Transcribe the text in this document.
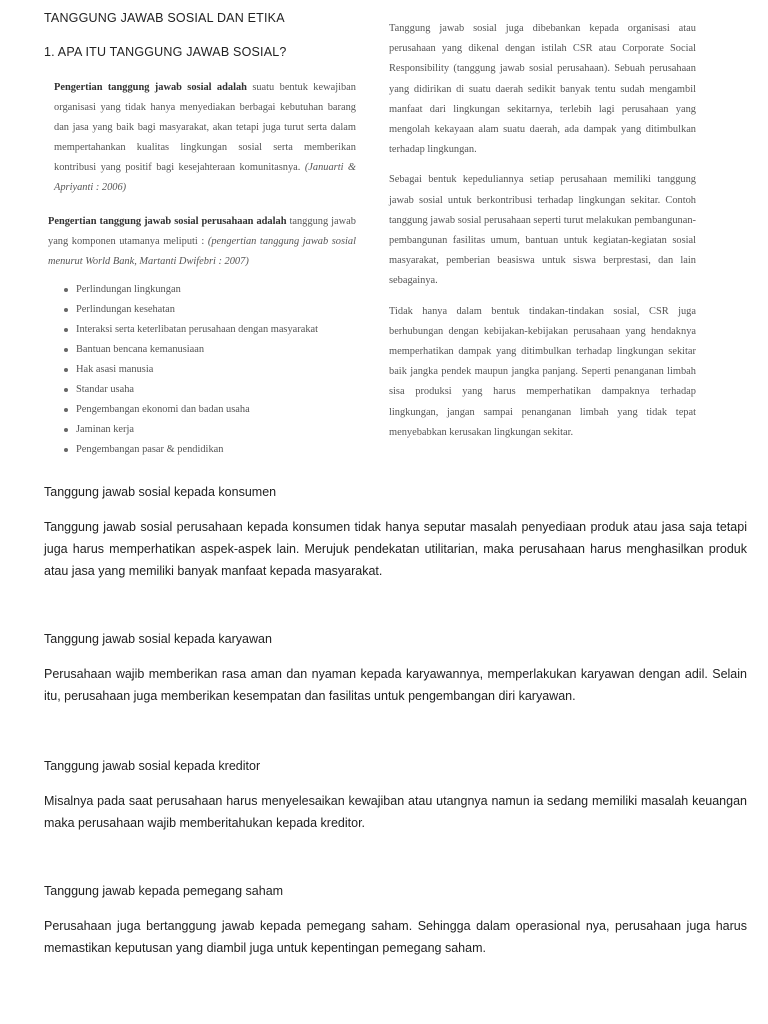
TANGGUNG JAWAB SOSIAL DAN ETIKA
1. APA ITU TANGGUNG JAWAB SOSIAL?

Pengertian tanggung jawab sosial adalah suatu bentuk kewajiban organisasi yang tidak hanya menyediakan berbagai kebutuhan barang dan jasa yang baik bagi masyarakat, akan tetapi juga turut serta dalam mempertahankan kualitas lingkungan sosial serta memberikan kontribusi yang positif bagi kesejahteraan komunitasnya. (Januarti & Apriyanti : 2006)

Pengertian tanggung jawab sosial perusahaan adalah tanggung jawab yang komponen utamanya meliputi : (pengertian tanggung jawab sosial menurut World Bank, Martanti Dwifebri : 2007)

Perlindungan lingkungan
Perlindungan kesehatan
Interaksi serta keterlibatan perusahaan dengan masyarakat
Bantuan bencana kemanusiaan
Hak asasi manusia
Standar usaha
Pengembangan ekonomi dan badan usaha
Jaminan kerja
Pengembangan pasar & pendidikan

Tanggung jawab sosial juga dibebankan kepada organisasi atau perusahaan yang dikenal dengan istilah CSR atau Corporate Social Responsibility (tanggung jawab sosial perusahaan). Sebuah perusahaan yang didirikan di suatu daerah sedikit banyak tentu sudah mengambil manfaat dari lingkungan sekitarnya, terlebih lagi perusahaan yang mengolah kekayaan alam suatu daerah, ada dampak yang ditimbulkan terhadap lingkungan.

Sebagai bentuk kepeduliannya setiap perusahaan memiliki tanggung jawab sosial untuk berkontribusi terhadap lingkungan sekitar. Contoh tanggung jawab sosial perusahaan seperti turut melakukan pembangunan-pembangunan fasilitas umum, bantuan untuk kegiatan-kegiatan sosial masyarakat, pemberian beasiswa untuk siswa berprestasi, dan lain sebagainya.

Tidak hanya dalam bentuk tindakan-tindakan sosial, CSR juga berhubungan dengan kebijakan-kebijakan perusahaan yang hendaknya memperhatikan dampak yang ditimbulkan terhadap lingkungan sekitar baik jangka pendek maupun jangka panjang. Seperti penanganan limbah sisa produksi yang harus memperhatikan dampaknya terhadap lingkungan, jangan sampai penanganan limbah yang tidak tepat menyebabkan kerusakan lingkungan sekitar.

Tanggung jawab sosial kepada konsumen

Tanggung jawab sosial perusahaan kepada konsumen tidak hanya seputar masalah penyediaan produk atau jasa saja tetapi juga harus memperhatikan aspek-aspek lain. Merujuk pendekatan utilitarian, maka perusahaan harus menghasilkan produk atau jasa yang memiliki banyak manfaat kepada masyarakat.

Tanggung jawab sosial kepada karyawan

Perusahaan wajib memberikan rasa aman dan nyaman kepada karyawannya, memperlakukan karyawan dengan adil. Selain itu, perusahaan juga memberikan kesempatan dan fasilitas untuk pengembangan diri karyawan.

Tanggung jawab sosial kepada kreditor

Misalnya pada saat perusahaan harus menyelesaikan kewajiban atau utangnya namun ia sedang memiliki masalah keuangan maka perusahaan wajib memberitahukan kepada kreditor.

Tanggung jawab kepada pemegang saham

Perusahaan juga bertanggung jawab kepada pemegang saham. Sehingga dalam operasional nya, perusahaan juga harus memastikan keputusan yang diambil juga untuk kepentingan pemegang saham.
